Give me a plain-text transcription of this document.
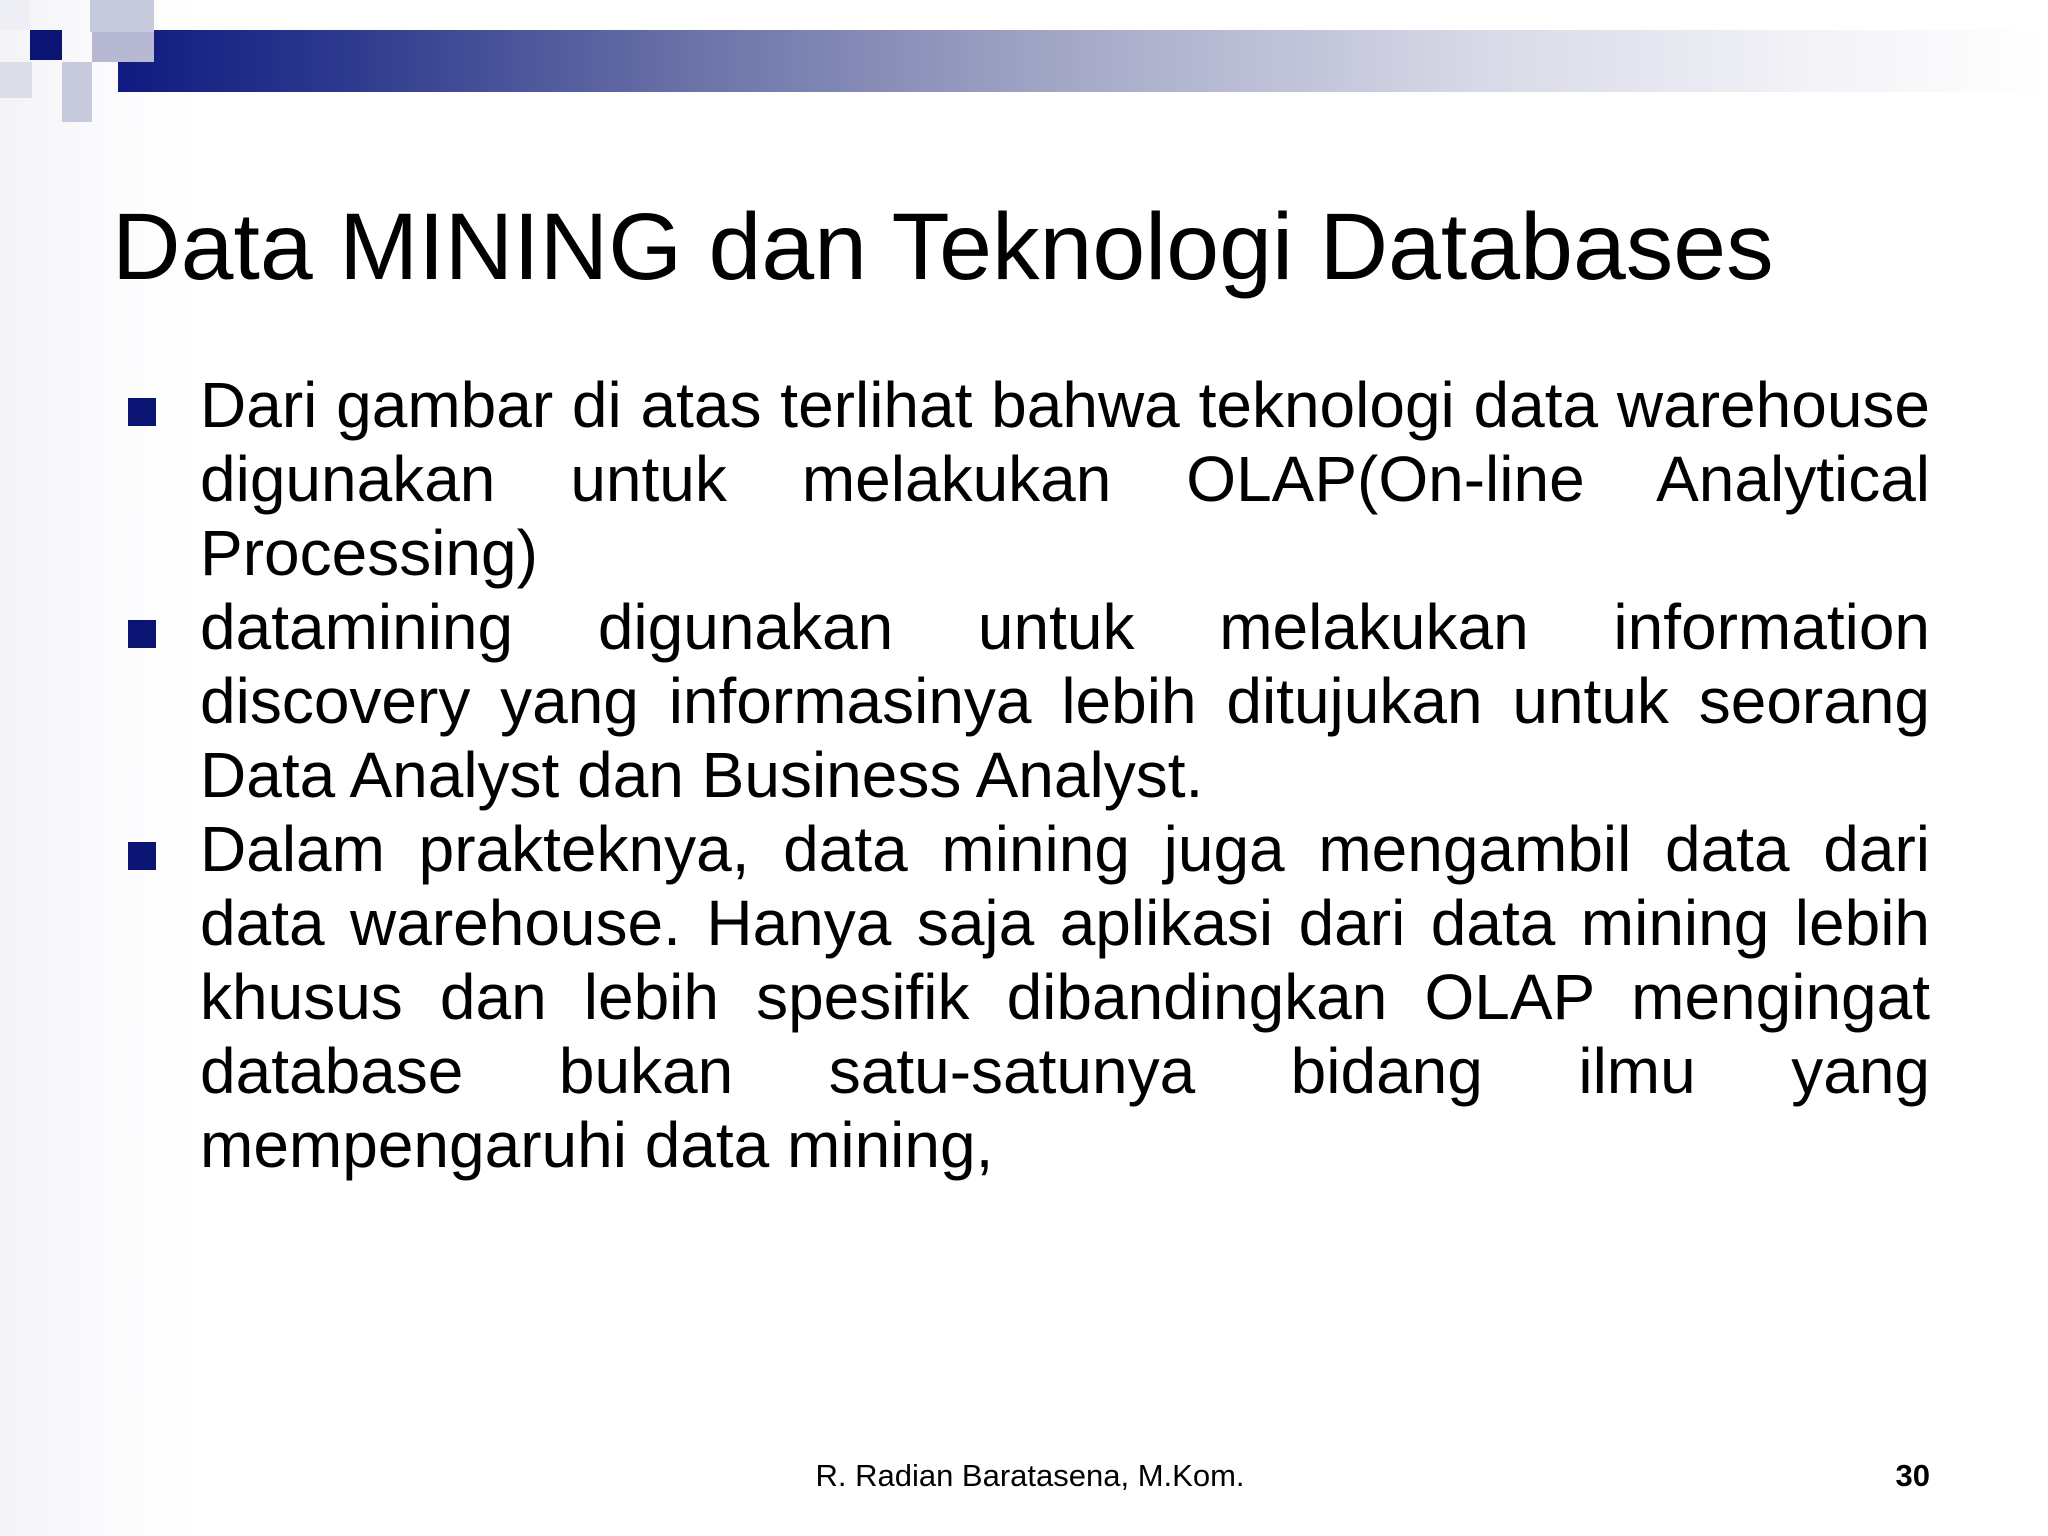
Data MINING dan Teknologi Databases
Dari gambar di atas terlihat bahwa teknologi data warehouse digunakan untuk melakukan OLAP(On-line Analytical Processing)
datamining digunakan untuk melakukan information discovery yang informasinya lebih ditujukan untuk seorang Data Analyst dan Business Analyst.
Dalam prakteknya, data mining juga mengambil data dari data warehouse. Hanya saja aplikasi dari data mining lebih khusus dan lebih spesifik dibandingkan OLAP mengingat database bukan satu-satunya bidang ilmu yang mempengaruhi data mining,
R. Radian Baratasena, M.Kom.	30
